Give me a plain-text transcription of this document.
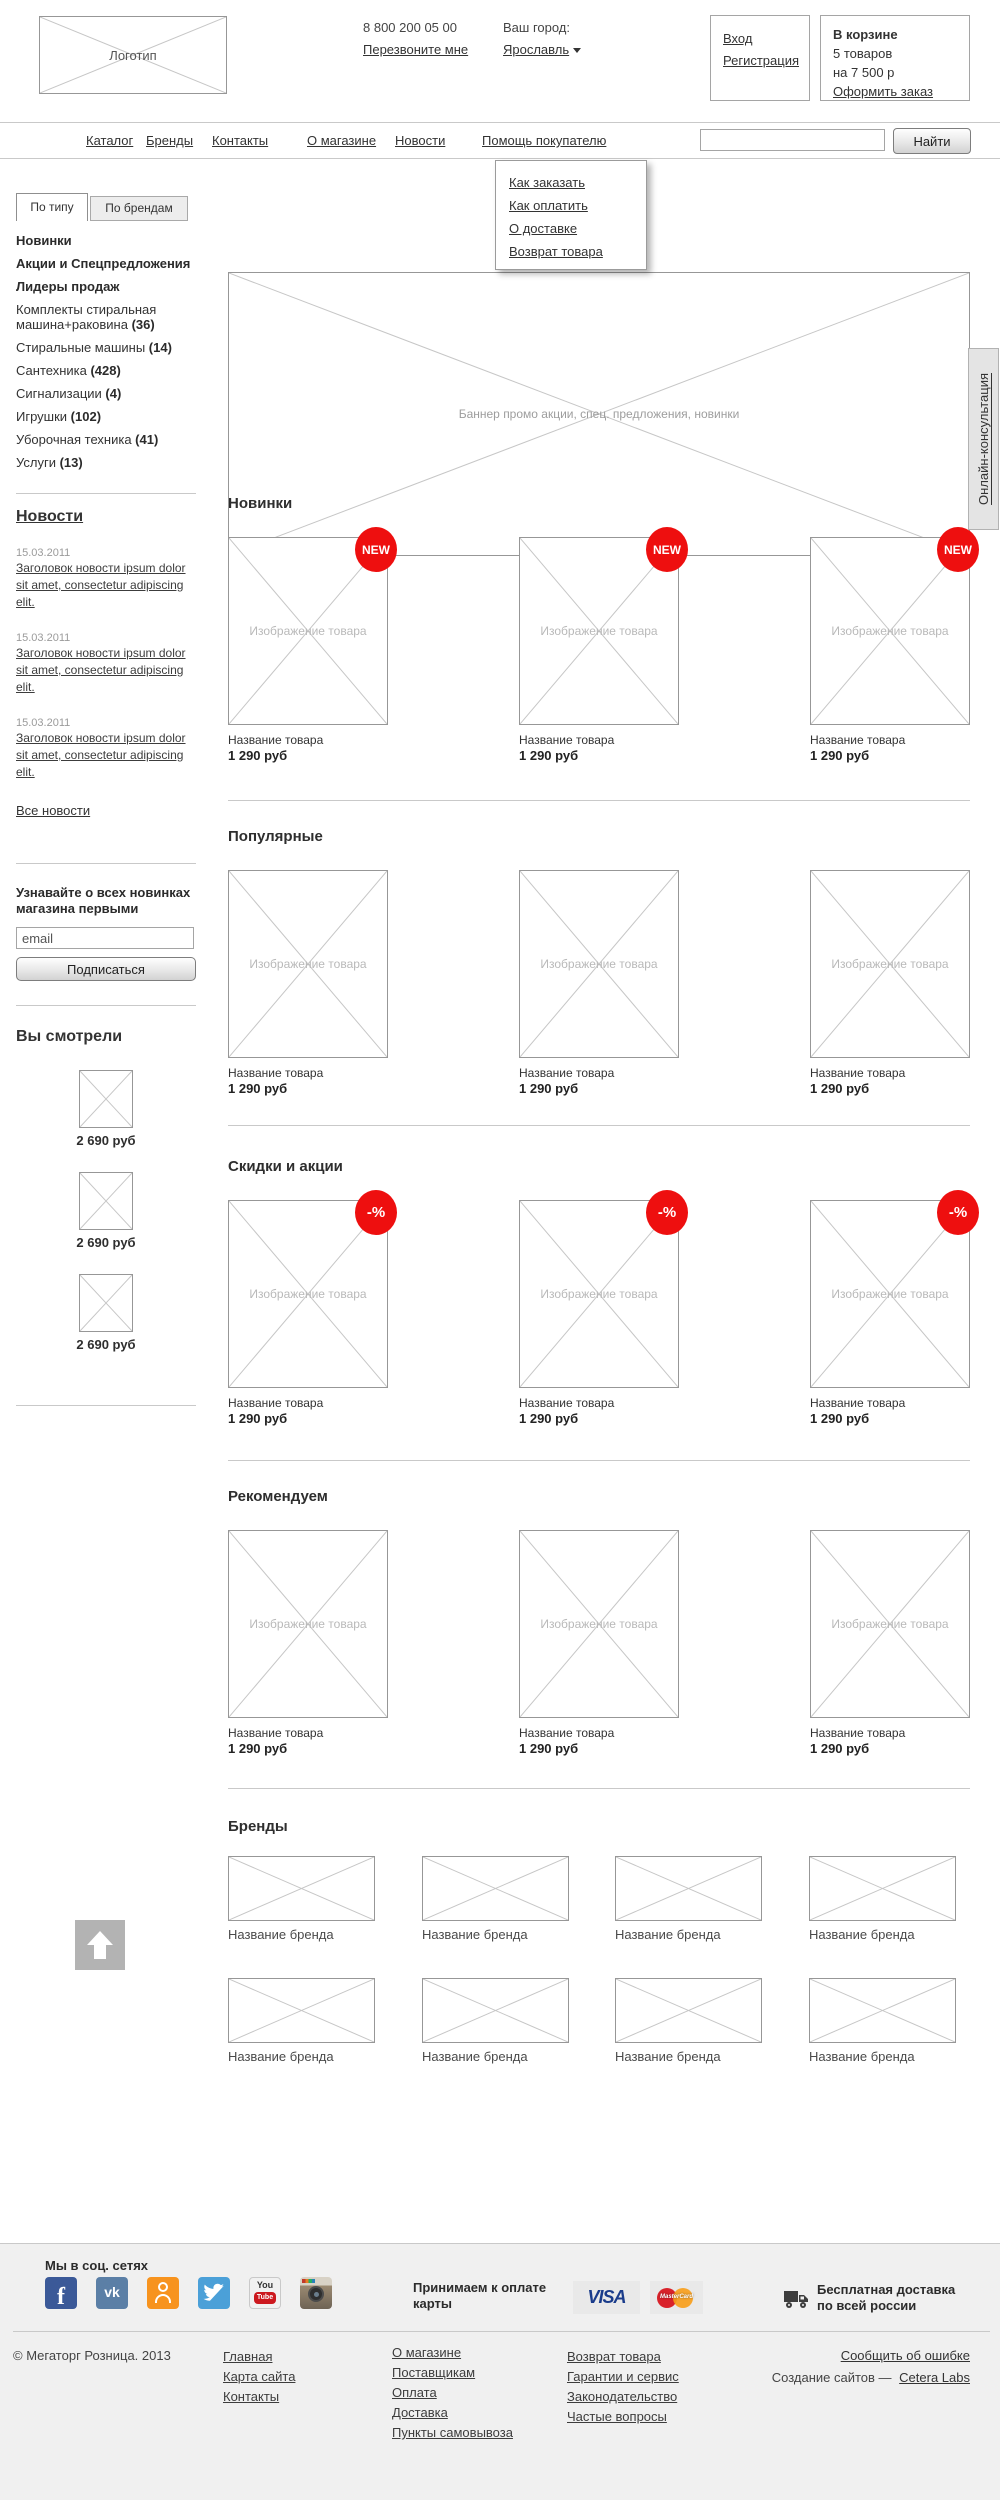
Логотип
8 800 200 05 00
Перезвоните мне
Ваш город:
Ярославль
Вход
Регистрация
В корзине
5 товаров
на 7 500 р
Оформить заказ
Каталог Бренды Контакты	О магазине Новости	Помощь покупателю	Найти
Как заказать
Как оплатить
О доставке
Возврат товара
По типу	По брендам
Новинки
Акции и Спецпредложения
Лидеры продаж
Комплекты стиральная машина+раковина (36)
Стиральные машины (14)
Сантехника (428)
Сигнализации (4)
Игрушки (102)
Уборочная техника (41)
Услуги (13)
Новости
15.03.2011
Заголовок новости ipsum dolor sit amet, consectetur adipiscing elit.
15.03.2011
Заголовок новости ipsum dolor sit amet, consectetur adipiscing elit.
15.03.2011
Заголовок новости ipsum dolor sit amet, consectetur adipiscing elit.
Все новости
Узнавайте о всех новинках магазина первыми
email Подписаться
Вы смотрели
2 690 руб
2 690 руб
2 690 руб
Баннер промо акции, спец. предложения, новинки	Онлайн-консультация
Новинки
Изображение товара
NEW
Название товара
1 290 руб
Изображение товара
NEW
Название товара
1 290 руб
Изображение товара
NEW
Название товара
1 290 руб
Популярные
Изображение товара
Название товара
1 290 руб
Изображение товара
Название товара
1 290 руб
Изображение товара
Название товара
1 290 руб
Скидки и акции
Изображение товара
-%
Название товара
1 290 руб
Изображение товара
-%
Название товара
1 290 руб
Изображение товара
-%
Название товара
1 290 руб
Рекомендуем
Изображение товара
Название товара
1 290 руб
Изображение товара
Название товара
1 290 руб
Изображение товара
Название товара
1 290 руб
Бренды
Название бренда	Название бренда	Название бренда	Название бренда
Название бренда	Название бренда	Название бренда	Название бренда
Мы в соц. сетях
f	vk	You
Tube
Принимаем к оплате карты	VISA	MasterCard	Бесплатная доставка по всей россии
© Мегаторг Розница. 2013	Главная
Карта сайта
Контакты
О магазине
Поставщикам
Оплата
Доставка
Пункты самовывоза
Возврат товара
Гарантии и сервис
Законодательство
Частые вопросы
Сообщить об ошибке
Создание сайтов — Cetera Labs
